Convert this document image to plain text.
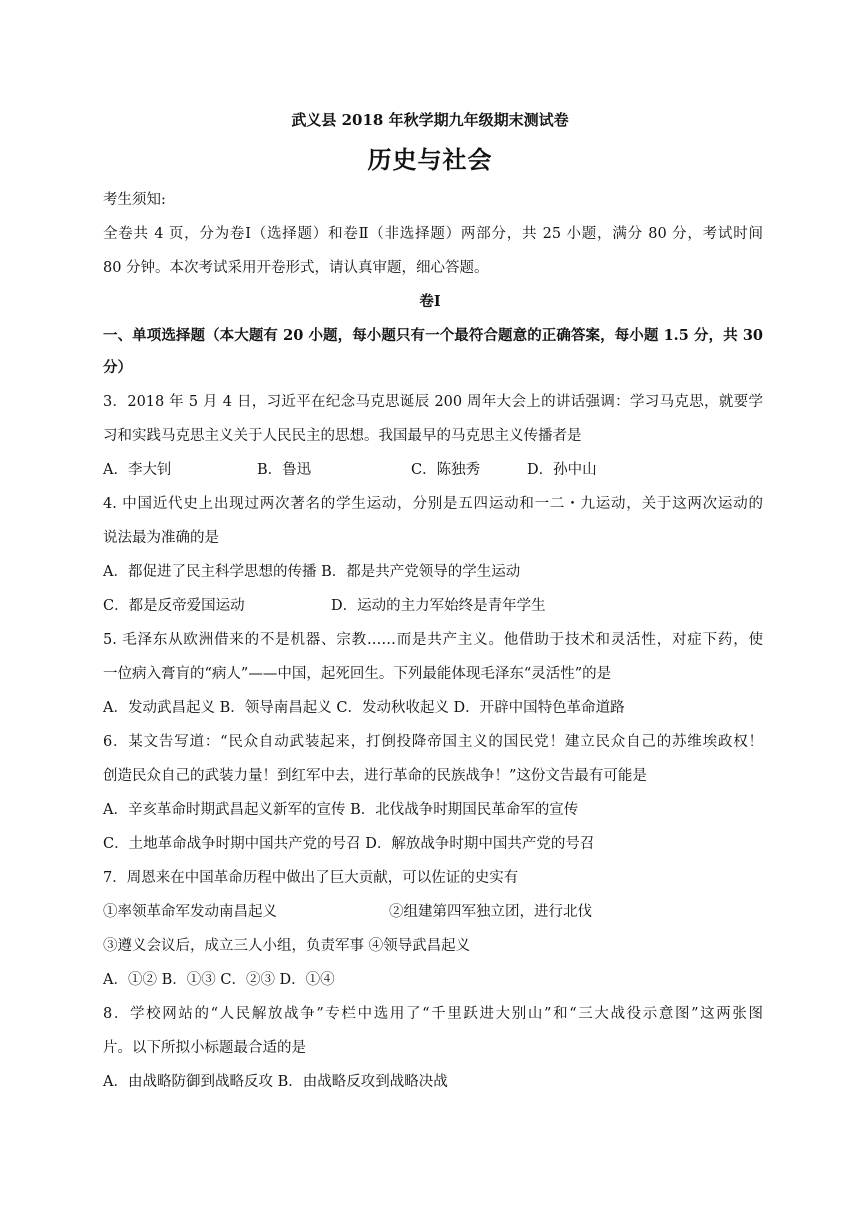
武义县 2018 年秋学期九年级期末测试卷
历史与社会
考生须知:
全卷共 4 页，分为卷Ⅰ（选择题）和卷Ⅱ（非选择题）两部分，共 25 小题，满分 80 分，考试时间
80 分钟。本次考试采用开卷形式，请认真审题，细心答题。
卷Ⅰ
一、单项选择题（本大题有 20 小题，每小题只有一个最符合题意的正确答案，每小题 1.5 分，共 30
分）
3．2018 年 5 月 4 日，习近平在纪念马克思诞辰 200 周年大会上的讲话强调：学习马克思，就要学
习和实践马克思主义关于人民民主的思想。我国最早的马克思主义传播者是
A．李大钊	B．鲁迅	C．陈独秀	D．孙中山
4. 中国近代史上出现过两次著名的学生运动，分别是五四运动和一二・九运动，关于这两次运动的
说法最为准确的是
A．都促进了民主科学思想的传播 B．都是共产党领导的学生运动
C．都是反帝爱国运动	D．运动的主力军始终是青年学生
5. 毛泽东从欧洲借来的不是机器、宗教……而是共产主义。他借助于技术和灵活性，对症下药，使
一位病入膏肓的“病人”——中国，起死回生。下列最能体现毛泽东“灵活性”的是
A．发动武昌起义 B．领导南昌起义 C．发动秋收起义 D．开辟中国特色革命道路
6．某文告写道：“民众自动武装起来，打倒投降帝国主义的国民党！建立民众自己的苏维埃政权！
创造民众自己的武装力量！到红军中去，进行革命的民族战争！”这份文告最有可能是
A．辛亥革命时期武昌起义新军的宣传 B．北伐战争时期国民革命军的宣传
C．土地革命战争时期中国共产党的号召 D．解放战争时期中国共产党的号召
7．周恩来在中国革命历程中做出了巨大贡献，可以佐证的史实有
①率领革命军发动南昌起义	②组建第四军独立团，进行北伐
③遵义会议后，成立三人小组，负责军事 ④领导武昌起义
A．①② B．①③ C．②③ D．①④
8．学校网站的“人民解放战争”专栏中选用了“千里跃进大别山”和“三大战役示意图”这两张图
片。以下所拟小标题最合适的是
A．由战略防御到战略反攻 B．由战略反攻到战略决战
